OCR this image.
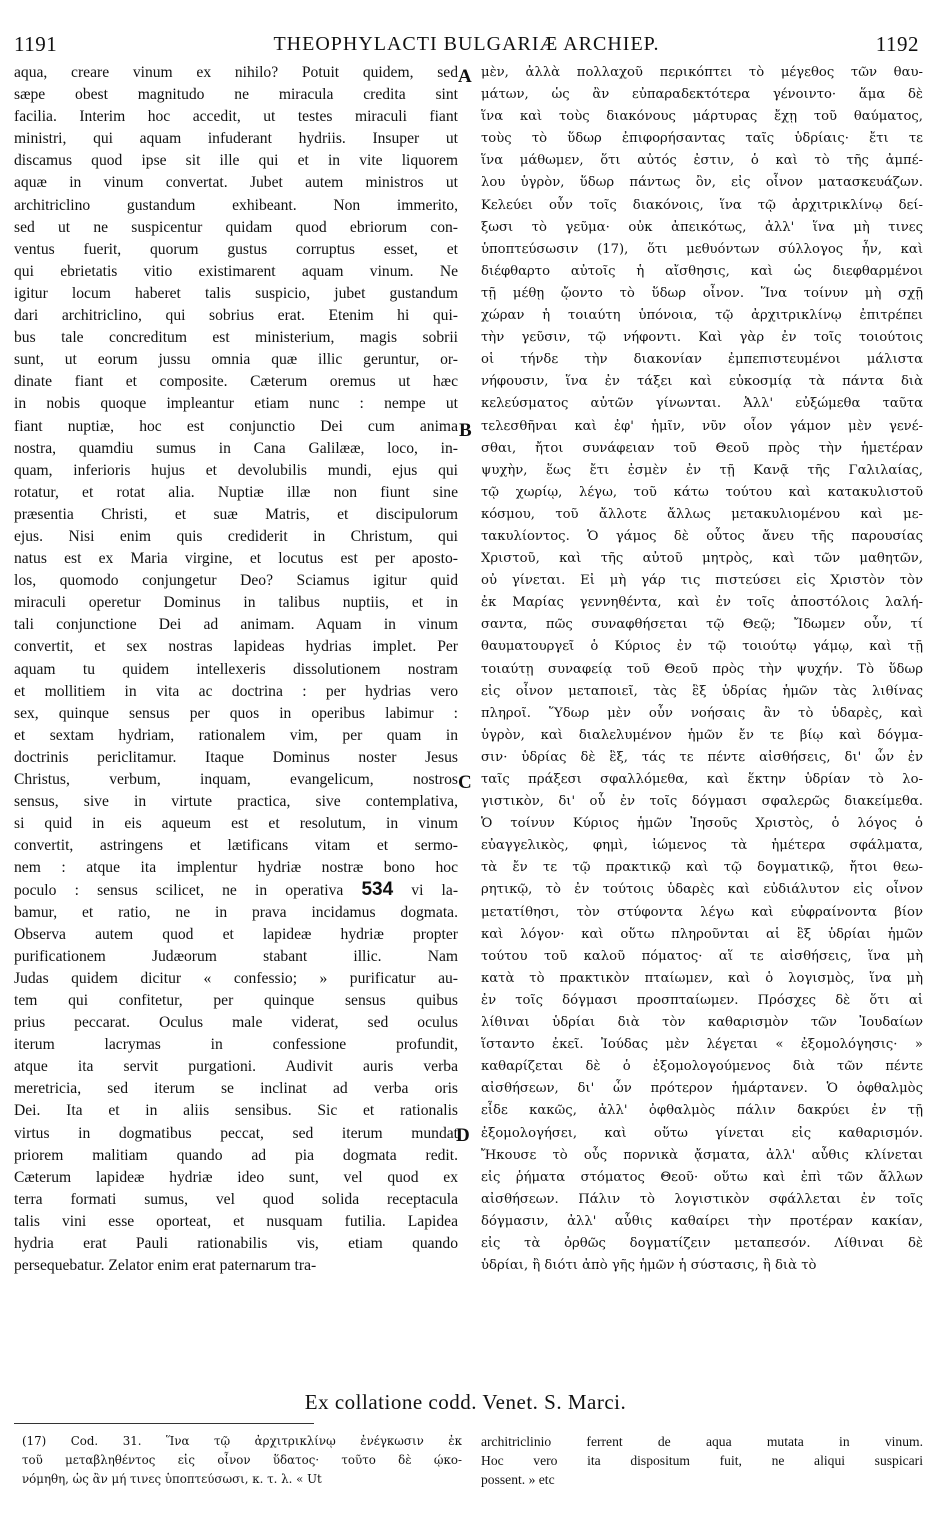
1191	THEOPHYLACTI BULGARIÆ ARCHIEP.	1192
aqua, creare vinum ex nihilo? Potuit quidem, sed
sæpe obest magnitudo ne miracula credita sint
facilia. Interim hoc accedit, ut testes miraculi fiant
ministri, qui aquam infuderant hydriis. Insuper ut
discamus quod ipse sit ille qui et in vite liquorem
aquæ in vinum convertat. Jubet autem ministros ut
architriclino gustandum exhibeant. Non immerito,
sed ut ne suspicentur quidam quod ebriorum con-
ventus fuerit, quorum gustus corruptus esset, et
qui ebrietatis vitio existimarent aquam vinum. Ne
igitur locum haberet talis suspicio, jubet gustandum
dari architriclino, qui sobrius erat. Etenim hi qui-
bus tale concreditum est ministerium, magis sobrii
sunt, ut eorum jussu omnia quæ illic geruntur, or-
dinate fiant et composite. Cæterum oremus ut hæc
in nobis quoque impleantur etiam nunc : nempe ut
fiant nuptiæ, hoc est conjunctio Dei cum anima
nostra, quamdiu sumus in Cana Galilææ, loco, in-
quam, inferioris hujus et devolubilis mundi, ejus qui
rotatur, et rotat alia. Nuptiæ illæ non fiunt sine
præsentia Christi, et suæ Matris, et discipulorum
ejus. Nisi enim quis crediderit in Christum, qui
natus est ex Maria virgine, et locutus est per aposto-
los, quomodo conjungetur Deo? Sciamus igitur quid
miraculi operetur Dominus in talibus nuptiis, et in
tali conjunctione Dei ad animam. Aquam in vinum
convertit, et sex nostras lapideas hydrias implet. Per
aquam tu quidem intellexeris dissolutionem nostram
et mollitiem in vita ac doctrina : per hydrias vero
sex, quinque sensus per quos in operibus labimur :
et sextam hydriam, rationalem vim, per quam in
doctrinis periclitamur. Itaque Dominus noster Jesus
Christus, verbum, inquam, evangelicum, nostros
sensus, sive in virtute practica, sive contemplativa,
si quid in eis aqueum est et resolutum, in vinum
convertit, astringens et lætificans vitam et sermo-
nem : atque ita implentur hydriæ nostræ bono hoc
poculo : sensus scilicet, ne in operativa 534 vi la-
bamur, et ratio, ne in prava incidamus dogmata.
Observa autem quod et lapideæ hydriæ propter
purificationem Judæorum stabant illic. Nam
Judas quidem dicitur « confessio; » purificatur au-
tem qui confitetur, per quinque sensus quibus
prius peccarat. Oculus male viderat, sed oculus
iterum lacrymas in confessione profundit,
atque ita servit purgationi. Audivit auris verba
meretricia, sed iterum se inclinat ad verba oris
Dei. Ita et in aliis sensibus. Sic et rationalis
virtus in dogmatibus peccat, sed iterum mundat
priorem malitiam quando ad pia dogmata redit.
Cæterum lapideæ hydriæ ideo sunt, vel quod ex
terra formati sumus, vel quod solida receptacula
talis vini esse oporteat, et nusquam futilia. Lapidea
hydria erat Pauli rationabilis vis, etiam quando
persequebatur. Zelator enim erat paternarum tra-
A
B
C
D
μὲν, ἀλλὰ πολλαχοῦ περικόπτει τὸ μέγεθος τῶν θαυ-
μάτων, ὡς ἂν εὐπαραδεκτότερα γένοιντο· ἅμα δὲ
ἵνα καὶ τοὺς διακόνους μάρτυρας ἔχῃ τοῦ θαύματος,
τοὺς τὸ ὕδωρ ἐπιφορήσαντας ταῖς ὑδρίαις· ἔτι τε
ἵνα μάθωμεν, ὅτι αὐτός ἐστιν, ὁ καὶ τὸ τῆς ἀμπέ-
λου ὑγρὸν, ὕδωρ πάντως ὂν, εἰς οἶνον ματασκευάζων.
Κελεύει οὖν τοῖς διακόνοις, ἵνα τῷ ἀρχιτρικλίνῳ δεί-
ξωσι τὸ γεῦμα· οὐκ ἀπεικότως, ἀλλ' ἵνα μὴ τινες
ὑποπτεύσωσιν (17), ὅτι μεθυόντων σύλλογος ἦν, καὶ
διέφθαρτο αὐτοῖς ἡ αἴσθησις, καὶ ὡς διεφθαρμένοι
τῇ μέθῃ ᾤοντο τὸ ὕδωρ οἶνον. Ἵνα τοίνυν μὴ σχῇ
χώραν ἡ τοιαύτη ὑπόνοια, τῷ ἀρχιτρικλίνῳ ἐπιτρέπει
τὴν γεῦσιν, τῷ νήφοντι. Καὶ γὰρ ἐν τοῖς τοιούτοις
οἱ τήνδε τὴν διακονίαν ἐμπεπιστευμένοι μάλιστα
νήφουσιν, ἵνα ἐν τάξει καὶ εὐκοσμίᾳ τὰ πάντα διὰ
κελεύσματος αὐτῶν γίνωνται. Ἀλλ' εὐξώμεθα ταῦτα
τελεσθῆναι καὶ ἐφ' ἡμῖν, νῦν οἷον γάμον μὲν γενέ-
σθαι, ἤτοι συνάφειαν τοῦ Θεοῦ πρὸς τὴν ἡμετέραν
ψυχὴν, ἕως ἔτι ἐσμὲν ἐν τῇ Κανᾷ τῆς Γαλιλαίας,
τῷ χωρίῳ, λέγω, τοῦ κάτω τούτου καὶ κατακυλιστοῦ
κόσμου, τοῦ ἄλλοτε ἄλλως μετακυλιομένου καὶ με-
τακυλίοντος. Ὁ γάμος δὲ οὗτος ἄνευ τῆς παρουσίας
Χριστοῦ, καὶ τῆς αὐτοῦ μητρὸς, καὶ τῶν μαθητῶν,
οὐ γίνεται. Εἰ μὴ γάρ τις πιστεύσει εἰς Χριστὸν τὸν
ἐκ Μαρίας γεννηθέντα, καὶ ἐν τοῖς ἀποστόλοις λαλή-
σαντα, πῶς συναφθήσεται τῷ Θεῷ; Ἴδωμεν οὖν, τί
θαυματουργεῖ ὁ Κύριος ἐν τῷ τοιούτῳ γάμῳ, καὶ τῇ
τοιαύτῃ συναφείᾳ τοῦ Θεοῦ πρὸς τὴν ψυχήν. Τὸ ὕδωρ
εἰς οἶνον μεταποιεῖ, τὰς ἓξ ὑδρίας ἡμῶν τὰς λιθίνας
πληροῖ. Ὕδωρ μὲν οὖν νοήσαις ἂν τὸ ὑδαρὲς, καὶ
ὑγρὸν, καὶ διαλελυμένον ἡμῶν ἔν τε βίῳ καὶ δόγμα-
σιν· ὑδρίας δὲ ἓξ, τάς τε πέντε αἰσθήσεις, δι' ὧν ἐν
ταῖς πράξεσι σφαλλόμεθα, καὶ ἕκτην ὑδρίαν τὸ λο-
γιστικὸν, δι' οὗ ἐν τοῖς δόγμασι σφαλερῶς διακείμεθα.
Ὁ τοίνυν Κύριος ἡμῶν Ἰησοῦς Χριστὸς, ὁ λόγος ὁ
εὐαγγελικὸς, φημὶ, ἰώμενος τὰ ἡμέτερα σφάλματα,
τὰ ἔν τε τῷ πρακτικῷ καὶ τῷ δογματικῷ, ἤτοι θεω-
ρητικῷ, τὸ ἐν τούτοις ὑδαρὲς καὶ εὐδιάλυτον εἰς οἶνον
μετατίθησι, τὸν στύφοντα λέγω καὶ εὐφραίνοντα βίον
καὶ λόγον· καὶ οὕτω πληροῦνται αἱ ἓξ ὑδρίαι ἡμῶν
τούτου τοῦ καλοῦ πόματος· αἵ τε αἰσθήσεις, ἵνα μὴ
κατὰ τὸ πρακτικὸν πταίωμεν, καὶ ὁ λογισμὸς, ἵνα μὴ
ἐν τοῖς δόγμασι προσπταίωμεν. Πρόσχες δὲ ὅτι αἱ
λίθιναι ὑδρίαι διὰ τὸν καθαρισμὸν τῶν Ἰουδαίων
ἵσταντο ἐκεῖ. Ἰούδας μὲν λέγεται « ἐξομολόγησις· »
καθαρίζεται δὲ ὁ ἐξομολογούμενος διὰ τῶν πέντε
αἰσθήσεων, δι' ὧν πρότερον ἡμάρτανεν. Ὁ ὀφθαλμὸς
εἶδε κακῶς, ἀλλ' ὀφθαλμὸς πάλιν δακρύει ἐν τῇ
ἐξομολογήσει, καὶ οὕτω γίνεται εἰς καθαρισμόν.
Ἤκουσε τὸ οὖς πορνικὰ ᾄσματα, ἀλλ' αὖθις κλίνεται
εἰς ῥήματα στόματος Θεοῦ· οὕτω καὶ ἐπὶ τῶν ἄλλων
αἰσθήσεων. Πάλιν τὸ λογιστικὸν σφάλλεται ἐν τοῖς
δόγμασιν, ἀλλ' αὖθις καθαίρει τὴν προτέραν κακίαν,
εἰς τὰ ὀρθῶς δογματίζειν μεταπεσόν. Λίθιναι δὲ
ὑδρίαι, ἢ διότι ἀπὸ γῆς ἡμῶν ἡ σύστασις, ἢ διὰ τὸ
Ex collatione codd. Venet. S. Marci.
(17) Cod. 31. Ἵνα τῷ ἀρχιτρικλίνῳ ἐνέγκωσιν ἐκ
τοῦ μεταβληθέντος εἰς οἶνον ὕδατος· τοῦτο δὲ ῴκο-
νόμηθη, ὡς ἂν μή τινες ὑποπτεύσωσι, κ. τ. λ. « Ut
architriclinio ferrent de aqua mutata in vinum.
Hoc vero ita dispositum fuit, ne aliqui suspicari
possent. » etc
